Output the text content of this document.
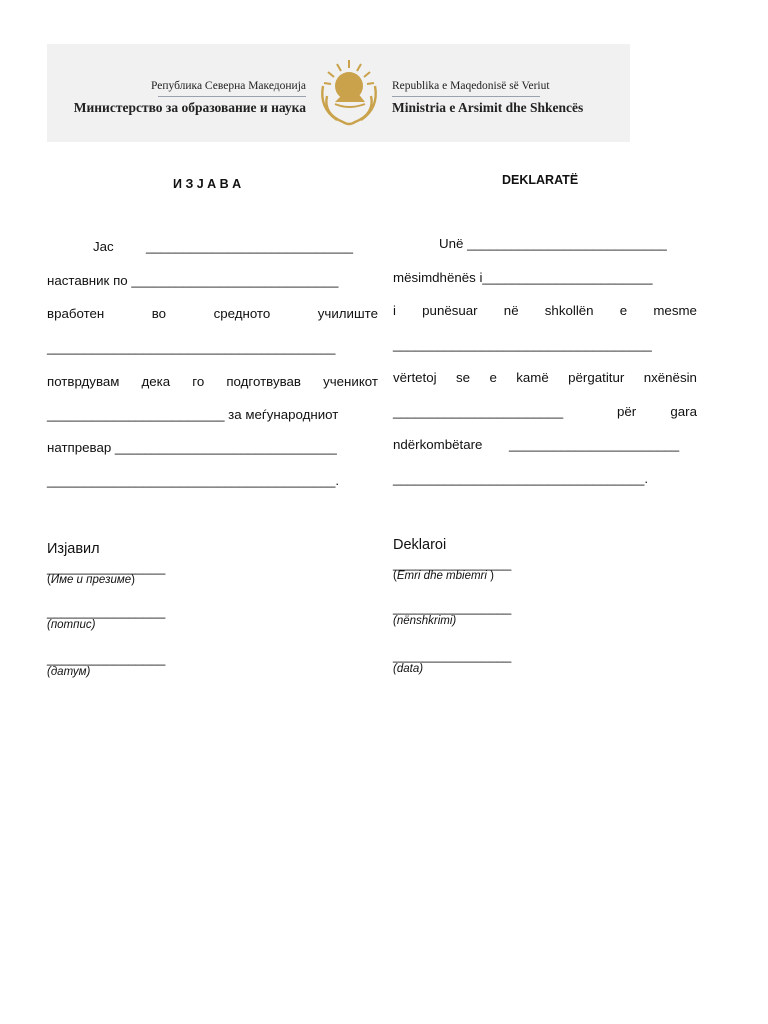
Република Северна Македонија
Министерство за образование и наука
Republika e Maqedonisë së Veriut
Ministria e Arsimit dhe Shkencës
И З Ј А В А
Јас ____________________________
наставник по ____________________________
вработен	во	средното	училиште
_______________________________________
потврдувам дека го подготвував ученикот
________________________ за меѓународниот
натпревар ______________________________
_______________________________________.
Изјавил
________________
(Име и презиме)
________________
(потпис)
________________
(датум)
DEKLARATË
Unë ___________________________
mësimdhënës i_______________________
i punësuar në shkollën e mesme
___________________________________
vërtetoj se e kamë përgatitur nxënësin
_______________________	për	gara
ndërkombëtare _______________________
__________________________________.
Deklaroi
________________
(Emri dhe mbiemri )
________________
(nënshkrimi)
________________
(data)
